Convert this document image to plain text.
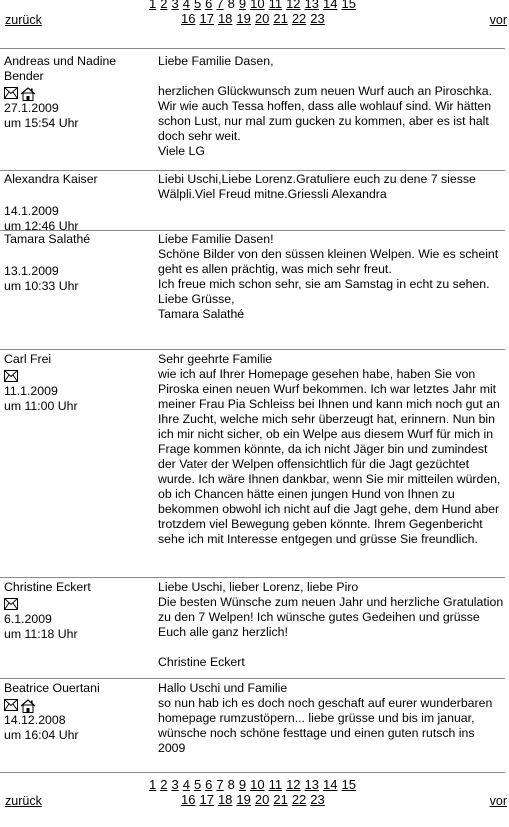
zurück
1 2 3 4 5 6 7 8 9 10 11 12 13 14 15
16 17 18 19 20 21 22 23	vor
Andreas und Nadine Bender
27.1.2009
um 15:54 Uhr
Liebe Familie Dasen,
herzlichen Glückwunsch zum neuen Wurf auch an Piroschka. Wir wie auch Tessa hoffen, dass alle wohlauf sind. Wir hätten schon Lust, nur mal zum gucken zu kommen, aber es ist halt doch sehr weit.
Viele LG
Alexandra Kaiser
14.1.2009
um 12:46 Uhr
Liebi Uschi,Liebe Lorenz.Gratuliere euch zu dene 7 siesse Wälpli.Viel Freud mitne.Griessli Alexandra
Tamara Salathé
13.1.2009
um 10:33 Uhr
Liebe Familie Dasen!
Schöne Bilder von den süssen kleinen Welpen. Wie es scheint geht es allen prächtig, was mich sehr freut.
Ich freue mich schon sehr, sie am Samstag in echt zu sehen.
Liebe Grüsse,
Tamara Salathé
Carl Frei
11.1.2009
um 11:00 Uhr
Sehr geehrte Familie
wie ich auf Ihrer Homepage gesehen habe, haben Sie von Piroska einen neuen Wurf bekommen. Ich war letztes Jahr mit meiner Frau Pia Schleiss bei Ihnen und kann mich noch gut an Ihre Zucht, welche mich sehr überzeugt hat, erinnern. Nun bin ich mir nicht sicher, ob ein Welpe aus diesem Wurf für mich in Frage kommen könnte, da ich nicht Jäger bin und zumindest der Vater der Welpen offensichtlich für die Jagt gezüchtet wurde. Ich wäre Ihnen dankbar, wenn Sie mir mitteilen würden, ob ich Chancen hätte einen jungen Hund von Ihnen zu bekommen obwohl ich nicht auf die Jagt gehe, dem Hund aber trotzdem viel Bewegung geben könnte. Ihrem Gegenbericht sehe ich mit Interesse entgegen und grüsse Sie freundlich.
Christine Eckert
6.1.2009
um 11:18 Uhr
Liebe Uschi, lieber Lorenz, liebe Piro
Die besten Wünsche zum neuen Jahr und herzliche Gratulation zu den 7 Welpen! Ich wünsche gutes Gedeihen und grüsse Euch alle ganz herzlich!
Christine Eckert
Beatrice Ouertani
14.12.2008
um 16:04 Uhr
Hallo Uschi und Familie
so nun hab ich es doch noch geschaft auf eurer wunderbaren homepage rumzustöpern... liebe grüsse und bis im januar, wünsche noch schöne festtage und einen guten rutsch ins 2009
zurück
1 2 3 4 5 6 7 8 9 10 11 12 13 14 15
16 17 18 19 20 21 22 23	vor
